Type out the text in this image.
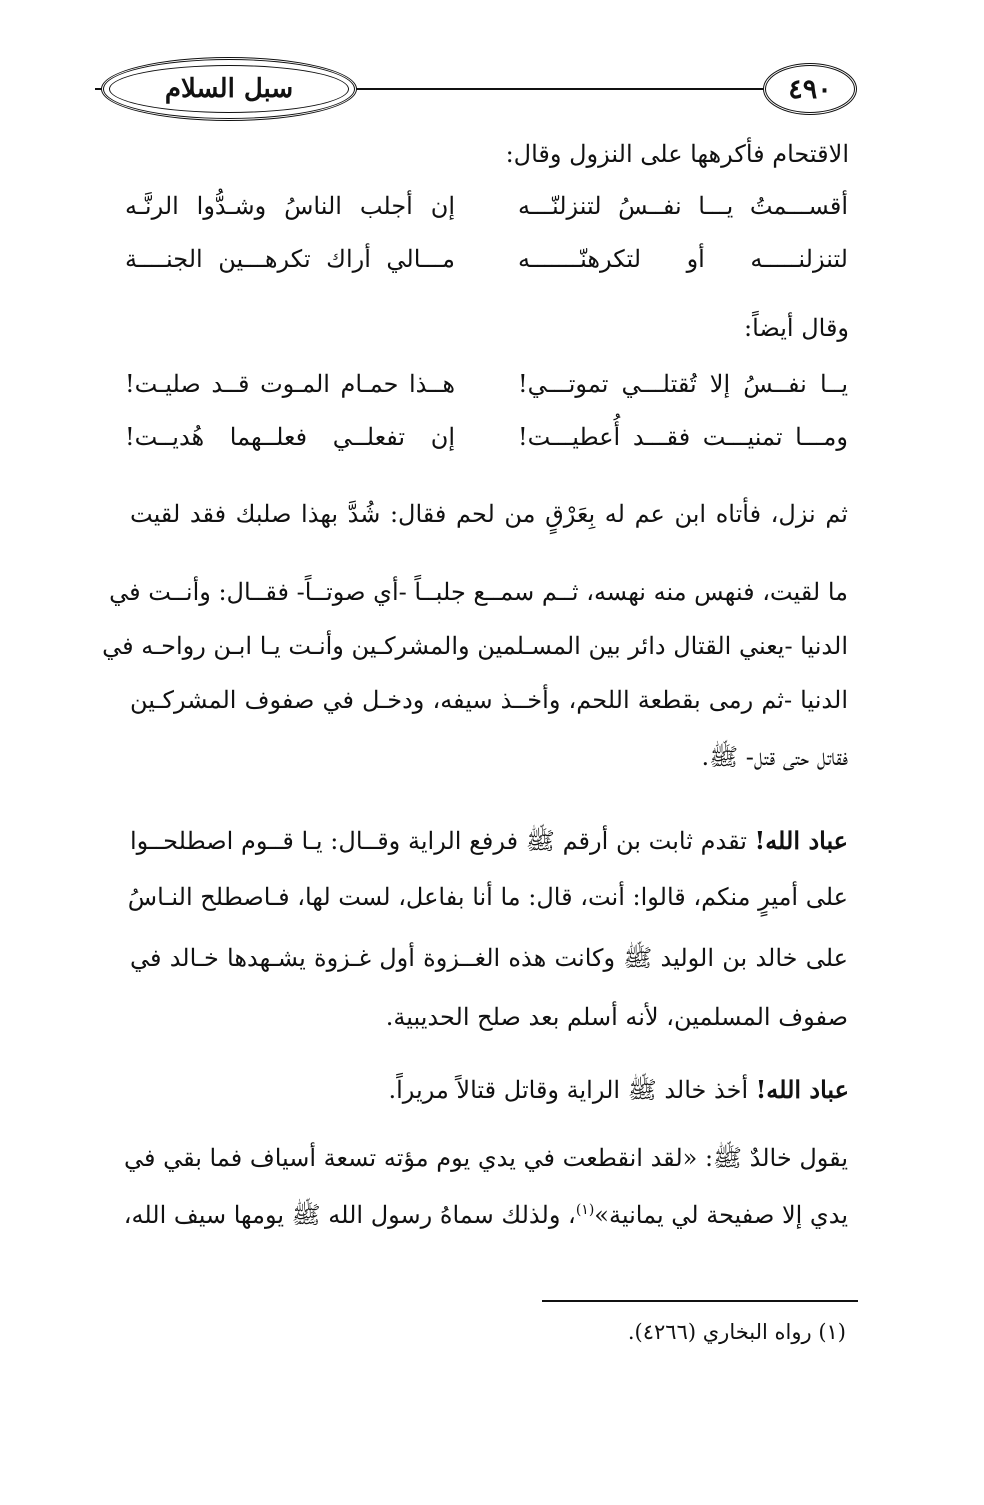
سبل السلام	٤٩٠
الاقتحام فأكرهها على النزول وقال:
أقســـمتُ يـــا نفــسُ لتنزلنّـــه
إن أجلب الناسُ وشـدُّوا الرنَّـه
لتنزلنـــــه أو لتكرهنّـــــــه
مـــالي أراك تكرهـــين الجنــــة
وقال أيضاً:
يــا نفــسُ إلا تُقتلـــي تموتـــي!
هــذا حمـام المـوت قــد صليـت!
ومـــا تمنيـــت فقـــد أُعطيـــت!
إن تفعلــي فعلــهما هُديــت!
ثم نزل، فأتاه ابن عم له بِعَرْقٍ من لحم فقال: شُدَّ بهذا صلبك فقد لقيت
ما لقيت، فنهس منه نهسه، ثــم سمــع جلبــاً -أي صوتــاً- فقــال: وأنــت في
الدنيا -يعني القتال دائر بين المسـلمين والمشركـين وأنـت يـا ابـن رواحـه في
الدنيا -ثم رمى بقطعة اللحم، وأخــذ سيفه، ودخـل في صفوف المشركـين
فقاتل حتى قتل- ﷺ.
عباد الله! تقدم ثابت بن أرقم ﷺ فرفع الراية وقــال: يـا قــوم اصطلحــوا
على أميرٍ منكم، قالوا: أنت، قال: ما أنا بفاعل، لست لها، فـاصطلح النـاسُ
على خالد بن الوليد ﷺ وكانت هذه الغــزوة أول غـزوة يشـهدها خـالد في
صفوف المسلمين، لأنه أسلم بعد صلح الحديبية.
عباد الله! أخذ خالد ﷺ الراية وقاتل قتالاً مريراً.
يقول خالدٌ ﷺ: «لقد انقطعت في يدي يوم مؤته تسعة أسياف فما بقي في
يدي إلا صفيحة لي يمانية»$^{(١)}$، ولذلك سماهُ رسول الله ﷺ يومها سيف الله،
(١) رواه البخاري (٤٢٦٦).
